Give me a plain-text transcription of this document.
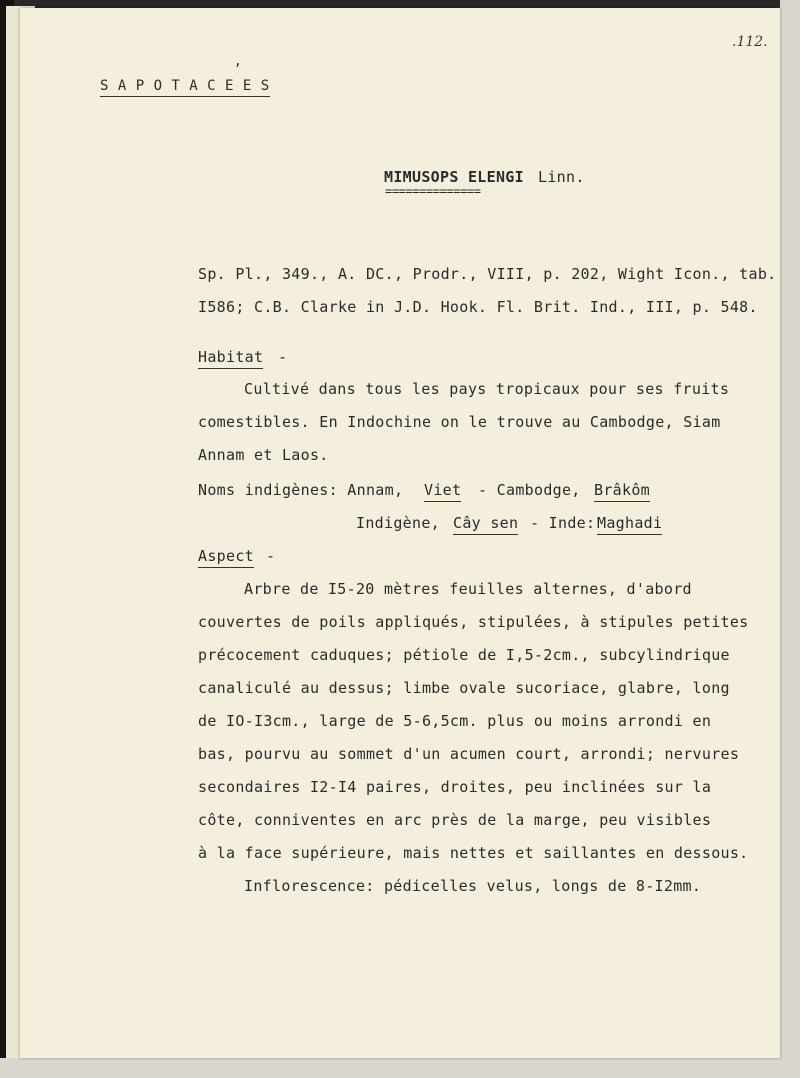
.112.

,

S A P O T A C E E S

MIMUSOPS ELENGI Linn.

==============

Sp. Pl., 349., A. DC., Prodr., VIII, p. 202, Wight Icon., tab.

I586; C.B. Clarke in J.D. Hook. Fl. Brit. Ind., III, p. 548.

Habitat -

Cultivé dans tous les pays tropicaux pour ses fruits

comestibles. En Indochine on le trouve au Cambodge, Siam

Annam et Laos.

Noms indigènes: Annam, Viet - Cambodge, Brâkôm

Indigène, Cây sen - Inde: Maghadi

Aspect -

Arbre de I5-20 mètres feuilles alternes, d'abord

couvertes de poils appliqués, stipulées, à stipules petites

précocement caduques; pétiole de I,5-2cm., subcylindrique

canaliculé au dessus; limbe ovale sucoriace, glabre, long

de IO-I3cm., large de 5-6,5cm. plus ou moins arrondi en

bas, pourvu au sommet d'un acumen court, arrondi; nervures

secondaires I2-I4 paires, droites, peu inclinées sur la

côte, conniventes en arc près de la marge, peu visibles

à la face supérieure, mais nettes et saillantes en dessous.

Inflorescence: pédicelles velus, longs de 8-I2mm.
